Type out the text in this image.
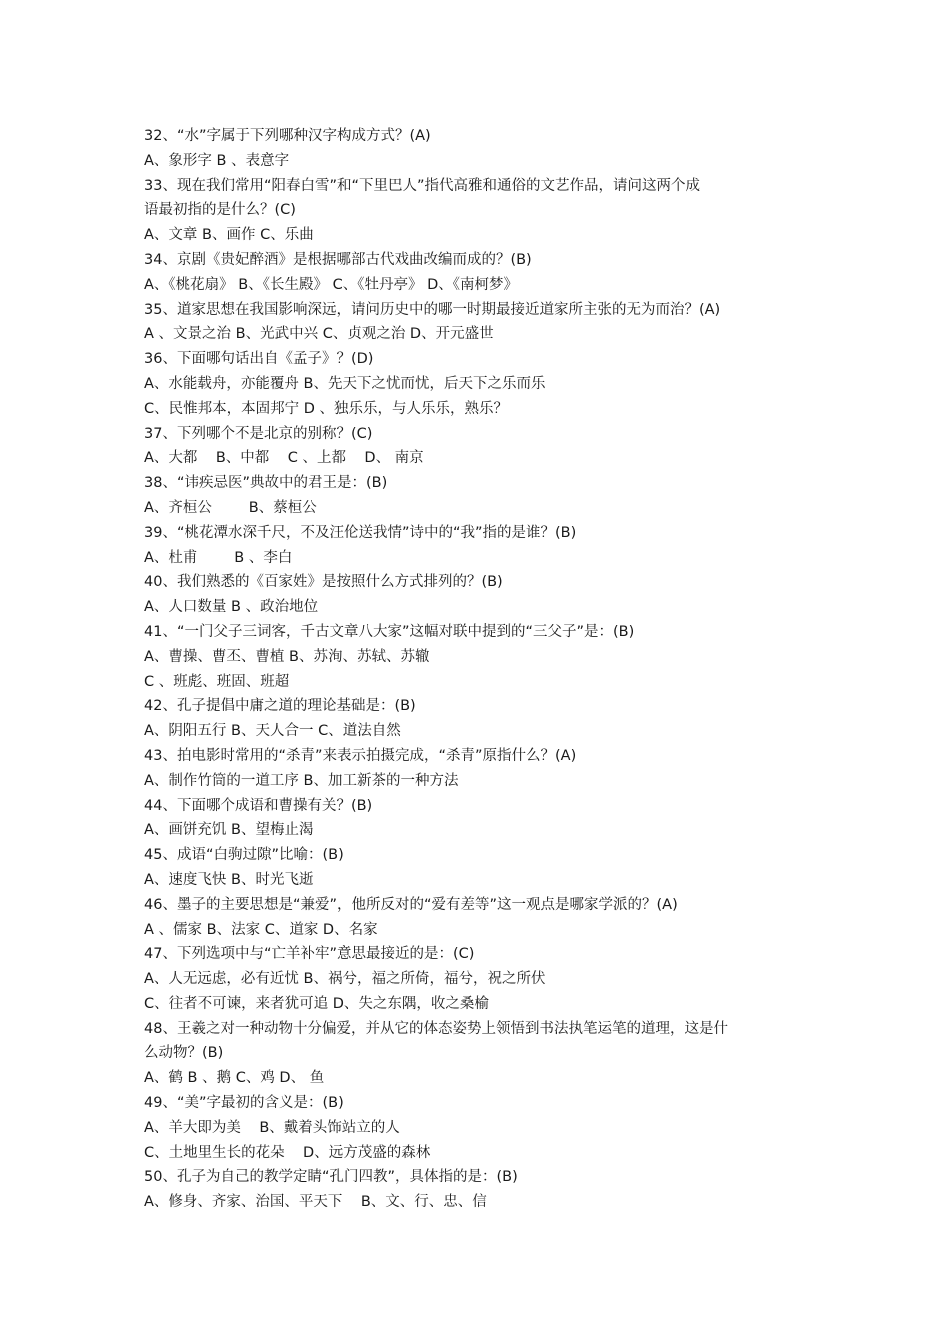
32、“水”字属于下列哪种汉字构成方式？(A)
A、象形字 B 、表意字
33、现在我们常用“阳春白雪”和“下里巴人”指代高雅和通俗的文艺作品，请问这两个成
语最初指的是什么？(C)
A、文章 B、画作 C、乐曲
34、京剧《贵妃醉酒》是根据哪部古代戏曲改编而成的？(B)
A、《桃花扇》 B、《长生殿》 C、《牡丹亭》 D、《南柯梦》
35、道家思想在我国影响深远，请问历史中的哪一时期最接近道家所主张的无为而治？(A)
A 、文景之治 B、光武中兴 C、贞观之治 D、开元盛世
36、下面哪句话出自《孟子》？(D)
A、水能载舟，亦能覆舟 B、先天下之忧而忧，后天下之乐而乐
C、民惟邦本，本固邦宁 D 、独乐乐，与人乐乐，熟乐？
37、下列哪个不是北京的别称？(C)
A、大都    B、中都    C 、上都    D、 南京
38、“讳疾忌医”典故中的君王是：(B)
A、齐桓公        B、蔡桓公
39、“桃花潭水深千尺，不及汪伦送我情”诗中的“我”指的是谁？(B)
A、杜甫        B 、李白
40、我们熟悉的《百家姓》是按照什么方式排列的？(B)
A、人口数量 B 、政治地位
41、“一门父子三词客，千古文章八大家”这幅对联中提到的“三父子”是：(B)
A、曹操、曹丕、曹植 B、苏洵、苏轼、苏辙
C 、班彪、班固、班超
42、孔子提倡中庸之道的理论基础是：(B)
A、阴阳五行 B、天人合一 C、道法自然
43、拍电影时常用的“杀青”来表示拍摄完成，“杀青”原指什么？(A)
A、制作竹筒的一道工序 B、加工新茶的一种方法
44、下面哪个成语和曹操有关？(B)
A、画饼充饥 B、望梅止渴
45、成语“白驹过隙”比喻：(B)
A、速度飞快 B、时光飞逝
46、墨子的主要思想是“兼爱”，他所反对的“爱有差等”这一观点是哪家学派的？(A)
A 、儒家 B、法家 C、道家 D、名家
47、下列选项中与“亡羊补牢”意思最接近的是：(C)
A、人无远虑，必有近忧 B、祸兮，福之所倚，福兮，祝之所伏
C、往者不可谏，来者犹可追 D、失之东隅，收之桑榆
48、王羲之对一种动物十分偏爱，并从它的体态姿势上领悟到书法执笔运笔的道理，这是什
么动物？(B)
A、鹤 B 、鹅 C、鸡 D、 鱼
49、“美”字最初的含义是：(B)
A、羊大即为美    B、戴着头饰站立的人
C、土地里生长的花朵    D、远方茂盛的森林
50、孔子为自己的教学定睛“孔门四教”，具体指的是：(B)
A、修身、齐家、治国、平天下    B、文、行、忠、信
